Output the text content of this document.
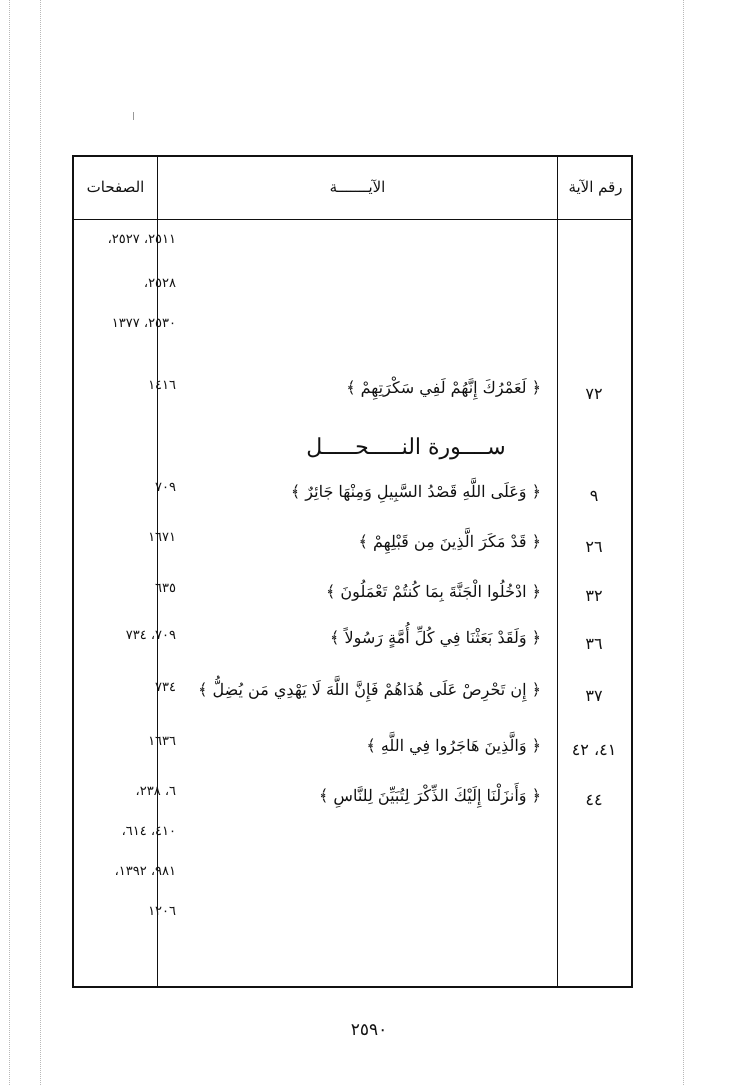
الصفحات	الآيـــــــة	رقم الآية
٢٥١١، ٢٥٢٧،
٢٥٢٨،
٢٥٣٠، ١٣٧٧
١٤١٦
٧٠٩
١٦٧١
٦٣٥
٧٠٩، ٧٣٤
٧٣٤
١٦٣٦
٦، ٢٣٨،
٤١٠، ٦١٤،
٩٨١، ١٣٩٢،
١٢٠٦
ســــورة النـــــحـــــل
﴿ لَعَمْرُكَ إِنَّهُمْ لَفِي سَكْرَتِهِمْ ﴾
﴿ وَعَلَى اللَّهِ قَصْدُ السَّبِيلِ وَمِنْهَا جَائِرٌ ﴾
﴿ قَدْ مَكَرَ الَّذِينَ مِن قَبْلِهِمْ ﴾
﴿ ادْخُلُوا الْجَنَّةَ بِمَا كُنتُمْ تَعْمَلُونَ ﴾
﴿ وَلَقَدْ بَعَثْنَا فِي كُلِّ أُمَّةٍ رَسُولاً ﴾
﴿ إِن تَحْرِصْ عَلَى هُدَاهُمْ فَإِنَّ اللَّهَ لَا يَهْدِي مَن يُضِلُّ ﴾
﴿ وَالَّذِينَ هَاجَرُوا فِي اللَّهِ ﴾
﴿ وَأَنزَلْنَا إِلَيْكَ الذِّكْرَ لِتُبَيِّنَ لِلنَّاسِ ﴾
٧٢
٩
٢٦
٣٢
٣٦
٣٧
٤١، ٤٢
٤٤
٢٥٩٠
